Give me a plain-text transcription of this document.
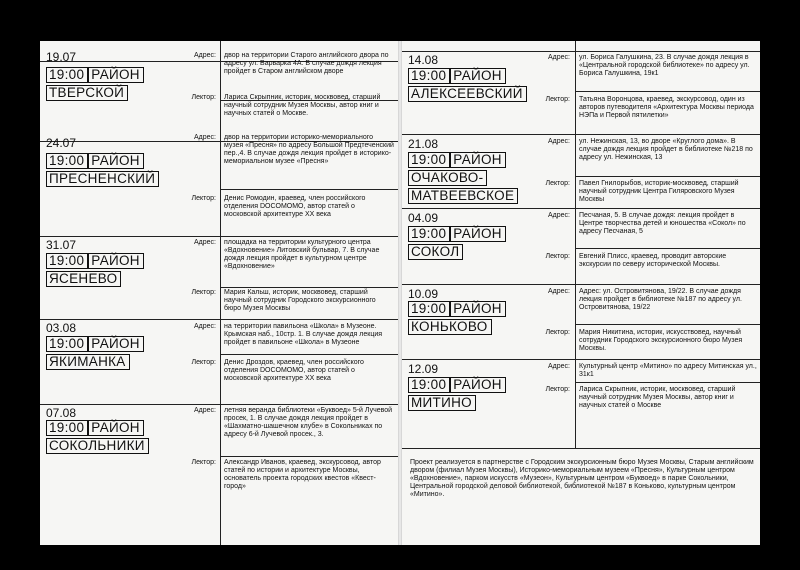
19.07
19:00 РАЙОН
ТВЕРСКОЙ
Адрес: двор на территории Старого английского двора по адресу ул. Варварка 4А. В случае дождя лекция пройдет в Старом английском дворе
Лектор: Лариса Скрыпник, историк, москвовед, старший научный сотрудник Музея Москвы, автор книг и научных статей о Москве.
24.07
19:00 РАЙОН
ПРЕСНЕНСКИЙ
Адрес: двор на территории историко-мемориального музея «Пресня» по адресу Большой Предтеченский пер.,4. В случае дождя лекция пройдет в историко-мемориальном музее «Пресня»
Лектор: Денис Ромодин, краевед, член российского отделения DOCOMOMO, автор статей о московской архитектуре XX века
31.07
19:00 РАЙОН
ЯСЕНЕВО
Адрес: площадка на территории культурного центра «Вдохновение» Литовский бульвар, 7. В случае дождя лекция пройдет в культурном центре «Вдохновение»
Лектор: Мария Кальш, историк, москвовед, старший научный сотрудник Городского экскурсионного бюро Музея Москвы
03.08
19:00 РАЙОН
ЯКИМАНКА
Адрес: на территории павильона «Школа» в Музеоне. Крымская наб., 10стр. 1. В случае дождя лекция пройдет в павильоне «Школа» в Музеоне
Лектор: Денис Дроздов, краевед, член российского отделения DOCOMOMO, автор статей о московской архитектуре XX века
07.08
19:00 РАЙОН
СОКОЛЬНИКИ
Адрес: летняя веранда библиотеки «Буквоед» 5-й Лучевой просек, 1. В случае дождя лекция пройдет в «Шахматно-шашечном клубе» в Сокольниках по адресу 6-й Лучевой просек., 3.
Лектор: Александр Иванов, краевед, экскурсовод, автор статей по истории и архитектуре Москвы, основатель проекта городских квестов «Квест-город»
14.08
19:00 РАЙОН
АЛЕКСЕЕВСКИЙ
Адрес: ул. Бориса Галушкина, 23. В случае дождя лекция в «Центральной городской библиотеке» по адресу ул. Бориса Галушкина, 19к1
Лектор: Татьяна Воронцова, краевед, экскурсовод, один из авторов путеводителя «Архитектура Москвы периода НЭПа и Первой пятилетки»
21.08
19:00 РАЙОН
ОЧАКОВО-
МАТВЕЕВСКОЕ
Адрес: ул. Нежинская, 13, во дворе «Круглого дома». В случае дождя лекция пройдет в библиотеке №218 по адресу ул. Нежинская, 13
Лектор: Павел Гнилорыбов, историк-москвовед, старший научный сотрудник Центра Гиляровского Музея Москвы
04.09
19:00 РАЙОН
СОКОЛ
Адрес: Песчаная, 5. В случае дождя: лекция пройдет в Центре творчества детей и юношества «Сокол» по адресу Песчаная, 5
Лектор: Евгений Плисс, краевед, проводит авторские экскурсии по северу исторической Москвы.
10.09
19:00 РАЙОН
КОНЬКОВО
Адрес: Адрес: ул. Островитянова, 19/22. В случае дождя лекция пройдет в библиотеке №187 по адресу ул. Островитянова, 19/22
Лектор: Мария Никитина, историк, искусствовед, научный сотрудник Городского экскурсионного бюро Музея Москвы.
12.09
19:00 РАЙОН
МИТИНО
Адрес: Культурный центр «Митино» по адресу Митинская ул., 31к1
Лектор: Лариса Скрыпник, историк, москвовед, старший научный сотрудник Музея Москвы, автор книг и научных статей о Москве
Проект реализуется в партнерстве с Городским экскурсионным бюро Музея Москвы, Старым английским двором (филиал Музея Москвы), Историко-мемориальным музеем «Пресня», Культурным центром «Вдохновение», парком искусств «Музеон», Культурным центром «Буквоед» в парке Сокольники, Центральной городской деловой библиотекой, библиотекой №187 в Коньково, культурным центром «Митино».
